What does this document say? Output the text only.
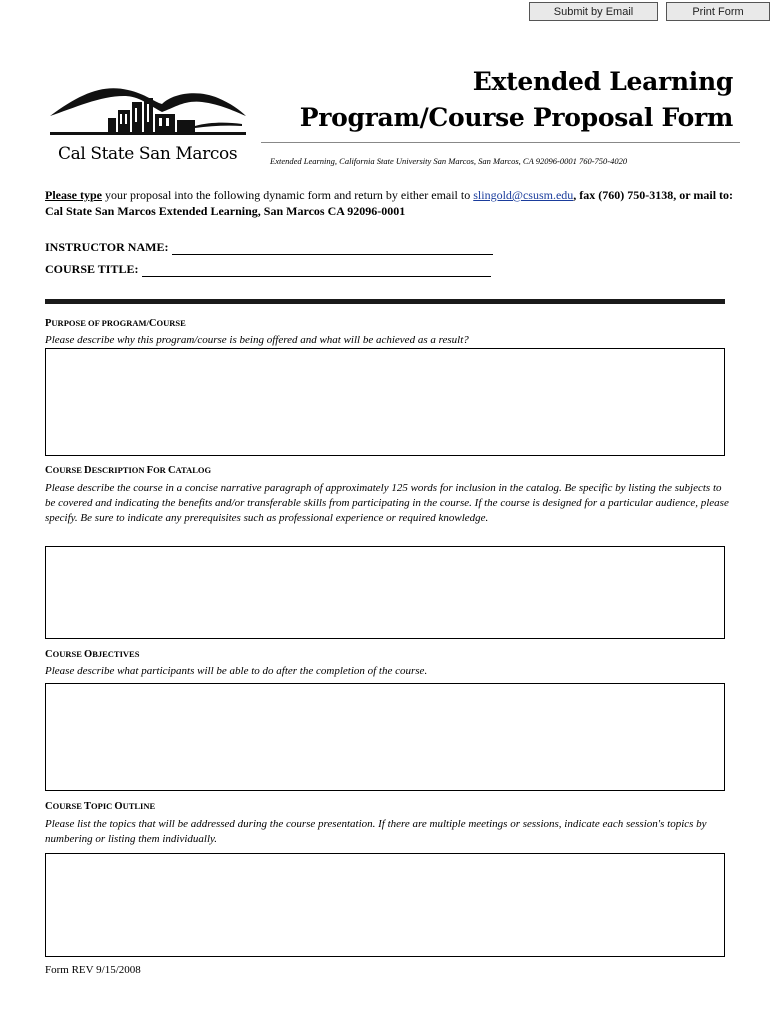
Submit by Email	Print Form
Cal State San Marcos
Extended Learning
Program/Course Proposal Form
Extended Learning, California State University San Marcos, San Marcos, CA 92096-0001 760-750-4020
Please type your proposal into the following dynamic form and return by either email to slingold@csusm.edu, fax (760) 750-3138, or mail to: Cal State San Marcos Extended Learning, San Marcos CA 92096-0001
INSTRUCTOR NAME:
COURSE TITLE:
PURPOSE OF PROGRAM/COURSE
Please describe why this program/course is being offered and what will be achieved as a result?
COURSE DESCRIPTION FOR CATALOG
Please describe the course in a concise narrative paragraph of approximately 125 words for inclusion in the catalog. Be specific by listing the subjects to be covered and indicating the benefits and/or transferable skills from participating in the course. If the course is designed for a particular audience, please specify. Be sure to indicate any prerequisites such as professional experience or required knowledge.
COURSE OBJECTIVES
Please describe what participants will be able to do after the completion of the course.
COURSE TOPIC OUTLINE
Please list the topics that will be addressed during the course presentation. If there are multiple meetings or sessions, indicate each session's topics by numbering or listing them individually.
Form REV 9/15/2008
